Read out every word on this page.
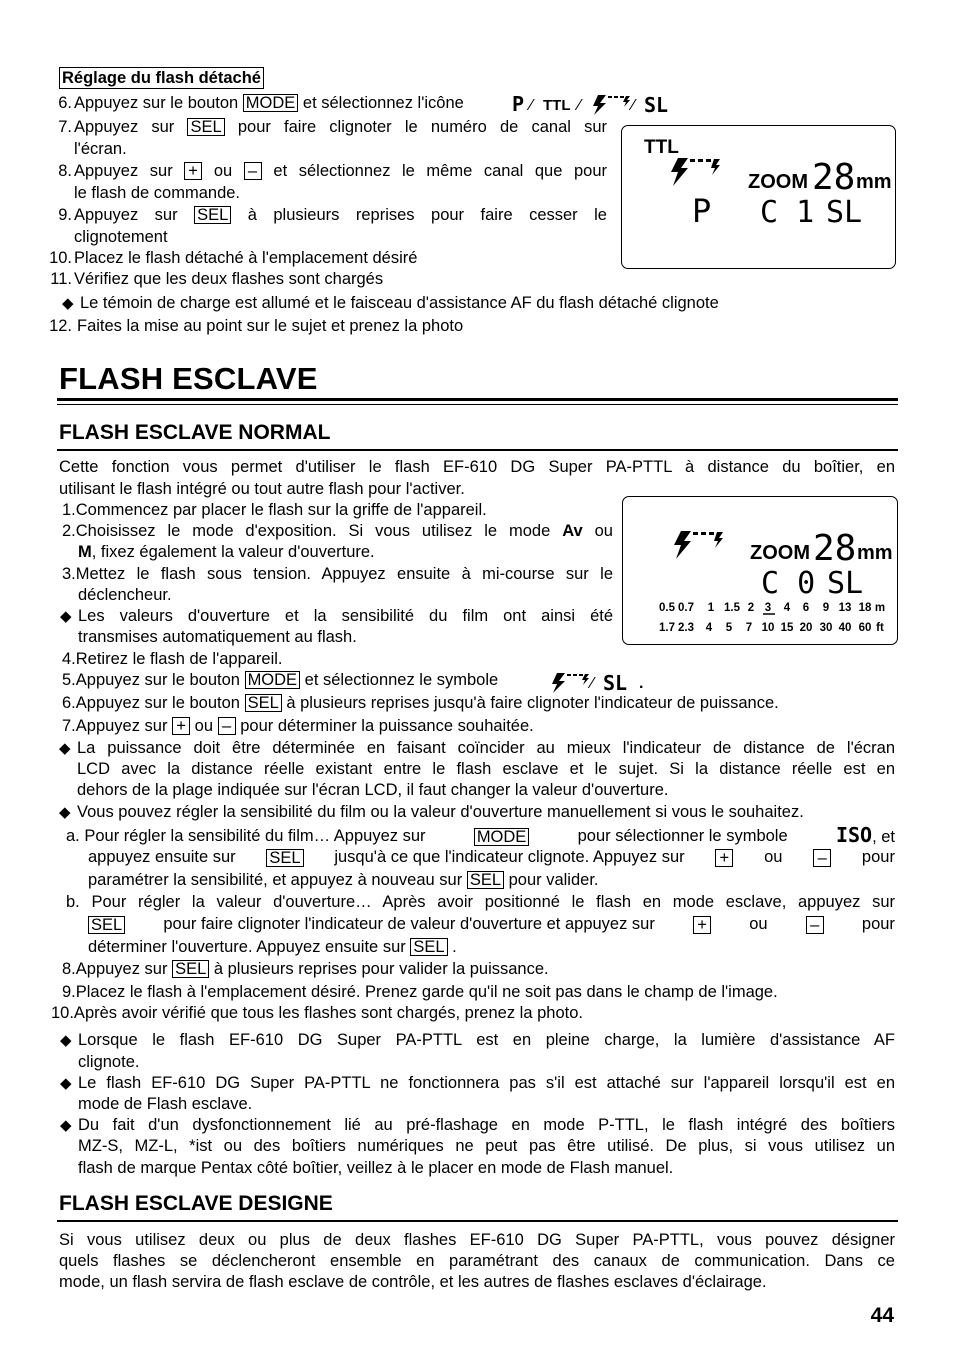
Réglage du flash détaché
6. Appuyez sur le bouton MODE et sélectionnez l'icône P ⁄ TTL ⁄	⁄ SL
7. Appuyez sur SEL pour faire clignoter le numéro de canal sur
l'écran.
8. Appuyez sur + ou – et sélectionnez le même canal que pour
le flash de commande.
9. Appuyez sur SEL à plusieurs reprises pour faire cesser le
clignotement
10. Placez le flash détaché à l'emplacement désiré
11. Vérifiez que les deux flashes sont chargés
◆ Le témoin de charge est allumé et le faisceau d'assistance AF du flash détaché clignote
12. Faites la mise au point sur le sujet et prenez la photo
TTL
ZOOM 28 mm
P C 1 SL
FLASH ESCLAVE
FLASH ESCLAVE NORMAL
Cette fonction vous permet d'utiliser le flash EF-610 DG Super PA-PTTL à distance du boîtier, en
utilisant le flash intégré ou tout autre flash pour l'activer.
1.Commencez par placer le flash sur la griffe de l'appareil.
2.Choisissez le mode d'exposition. Si vous utilisez le mode Av ou
M, fixez également la valeur d'ouverture.
3.Mettez le flash sous tension. Appuyez ensuite à mi-course sur le
déclencheur.
◆ Les valeurs d'ouverture et la sensibilité du film ont ainsi été
transmises automatiquement au flash.
4.Retirez le flash de l'appareil.
5.Appuyez sur le bouton MODE et sélectionnez le symbole	⁄ SL .
6.Appuyez sur le bouton SEL à plusieurs reprises jusqu'à faire clignoter l'indicateur de puissance.
7.Appuyez sur + ou – pour déterminer la puissance souhaitée.
◆ La puissance doit être déterminée en faisant coïncider au mieux l'indicateur de distance de l'écran
LCD avec la distance réelle existant entre le flash esclave et le sujet. Si la distance réelle est en
dehors de la plage indiquée sur l'écran LCD, il faut changer la valeur d'ouverture.
◆ Vous pouvez régler la sensibilité du film ou la valeur d'ouverture manuellement si vous le souhaitez.
a. Pour régler la sensibilité du film… Appuyez sur	MODE	pour sélectionner le symbole ISO, et
appuyez ensuite sur SEL jusqu'à ce que l'indicateur clignote. Appuyez sur + ou – pour
paramétrer la sensibilité, et appuyez à nouveau sur SEL pour valider.
b. Pour régler la valeur d'ouverture… Après avoir positionné le flash en mode esclave, appuyez sur
SEL pour faire clignoter l'indicateur de valeur d'ouverture et appuyez sur	+	ou	–	pour
déterminer l'ouverture. Appuyez ensuite sur SEL .
8.Appuyez sur SEL à plusieurs reprises pour valider la puissance.
9.Placez le flash à l'emplacement désiré. Prenez garde qu'il ne soit pas dans le champ de l'image.
10.Après avoir vérifié que tous les flashes sont chargés, prenez la photo.
◆ Lorsque le flash EF-610 DG Super PA-PTTL est en pleine charge, la lumière d'assistance AF
clignote.
◆ Le flash EF-610 DG Super PA-PTTL ne fonctionnera pas s'il est attaché sur l'appareil lorsqu'il est en
mode de Flash esclave.
◆ Du fait d'un dysfonctionnement lié au pré-flashage en mode P-TTL, le flash intégré des boîtiers
MZ-S, MZ-L, *ist ou des boîtiers numériques ne peut pas être utilisé. De plus, si vous utilisez un
flash de marque Pentax côté boîtier, veillez à le placer en mode de Flash manuel.
ZOOM 28 mm
C 0 SL
0.5 0.7 1 1.5 2 3 4 6 9 13 18 m
1.7 2.3 4 5 7 10 15 20 30 40 60 ft
FLASH ESCLAVE DESIGNE
Si vous utilisez deux ou plus de deux flashes EF-610 DG Super PA-PTTL, vous pouvez désigner
quels flashes se déclencheront ensemble en paramétrant des canaux de communication. Dans ce
mode, un flash servira de flash esclave de contrôle, et les autres de flashes esclaves d'éclairage.
44
